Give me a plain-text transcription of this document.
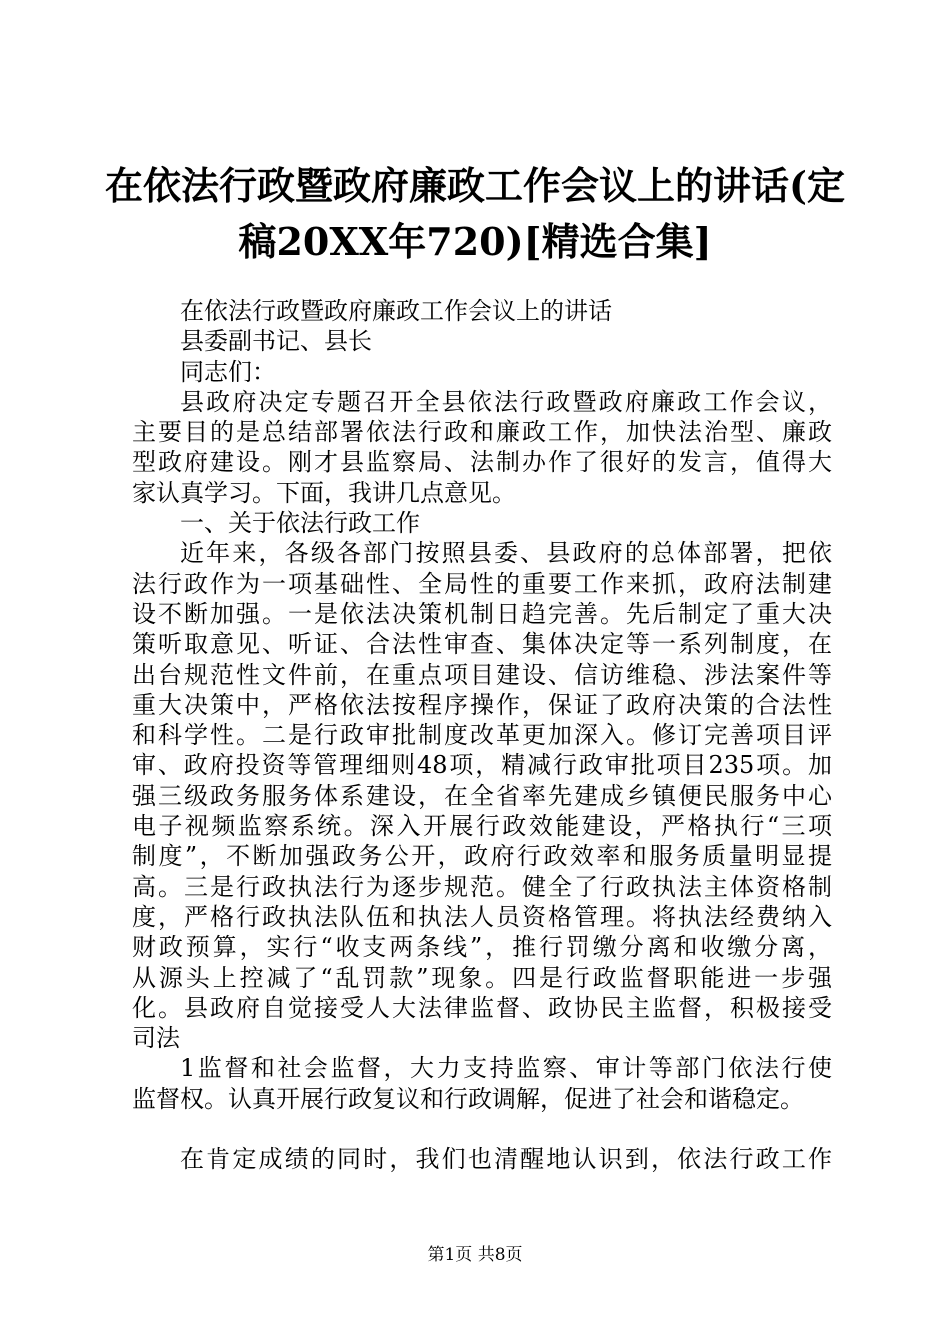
在依法行政暨政府廉政工作会议上的讲话(定
稿20XX年720)[精选合集]
在依法行政暨政府廉政工作会议上的讲话
县委副书记、县长
同志们：
县政府决定专题召开全县依法行政暨政府廉政工作会议，
主要目的是总结部署依法行政和廉政工作，加快法治型、廉政
型政府建设。刚才县监察局、法制办作了很好的发言，值得大
家认真学习。下面，我讲几点意见。
一、关于依法行政工作
近年来，各级各部门按照县委、县政府的总体部署，把依
法行政作为一项基础性、全局性的重要工作来抓，政府法制建
设不断加强。一是依法决策机制日趋完善。先后制定了重大决
策听取意见、听证、合法性审查、集体决定等一系列制度，在
出台规范性文件前，在重点项目建设、信访维稳、涉法案件等
重大决策中，严格依法按程序操作，保证了政府决策的合法性
和科学性。二是行政审批制度改革更加深入。修订完善项目评
审、政府投资等管理细则48项，精减行政审批项目235项。加
强三级政务服务体系建设，在全省率先建成乡镇便民服务中心
电子视频监察系统。深入开展行政效能建设，严格执行“三项
制度”，不断加强政务公开，政府行政效率和服务质量明显提
高。三是行政执法行为逐步规范。健全了行政执法主体资格制
度，严格行政执法队伍和执法人员资格管理。将执法经费纳入
财政预算，实行“收支两条线”，推行罚缴分离和收缴分离，
从源头上控减了“乱罚款”现象。四是行政监督职能进一步强
化。县政府自觉接受人大法律监督、政协民主监督，积极接受
司法
1监督和社会监督，大力支持监察、审计等部门依法行使
监督权。认真开展行政复议和行政调解，促进了社会和谐稳定。
在肯定成绩的同时，我们也清醒地认识到，依法行政工作
第1页 共8页
